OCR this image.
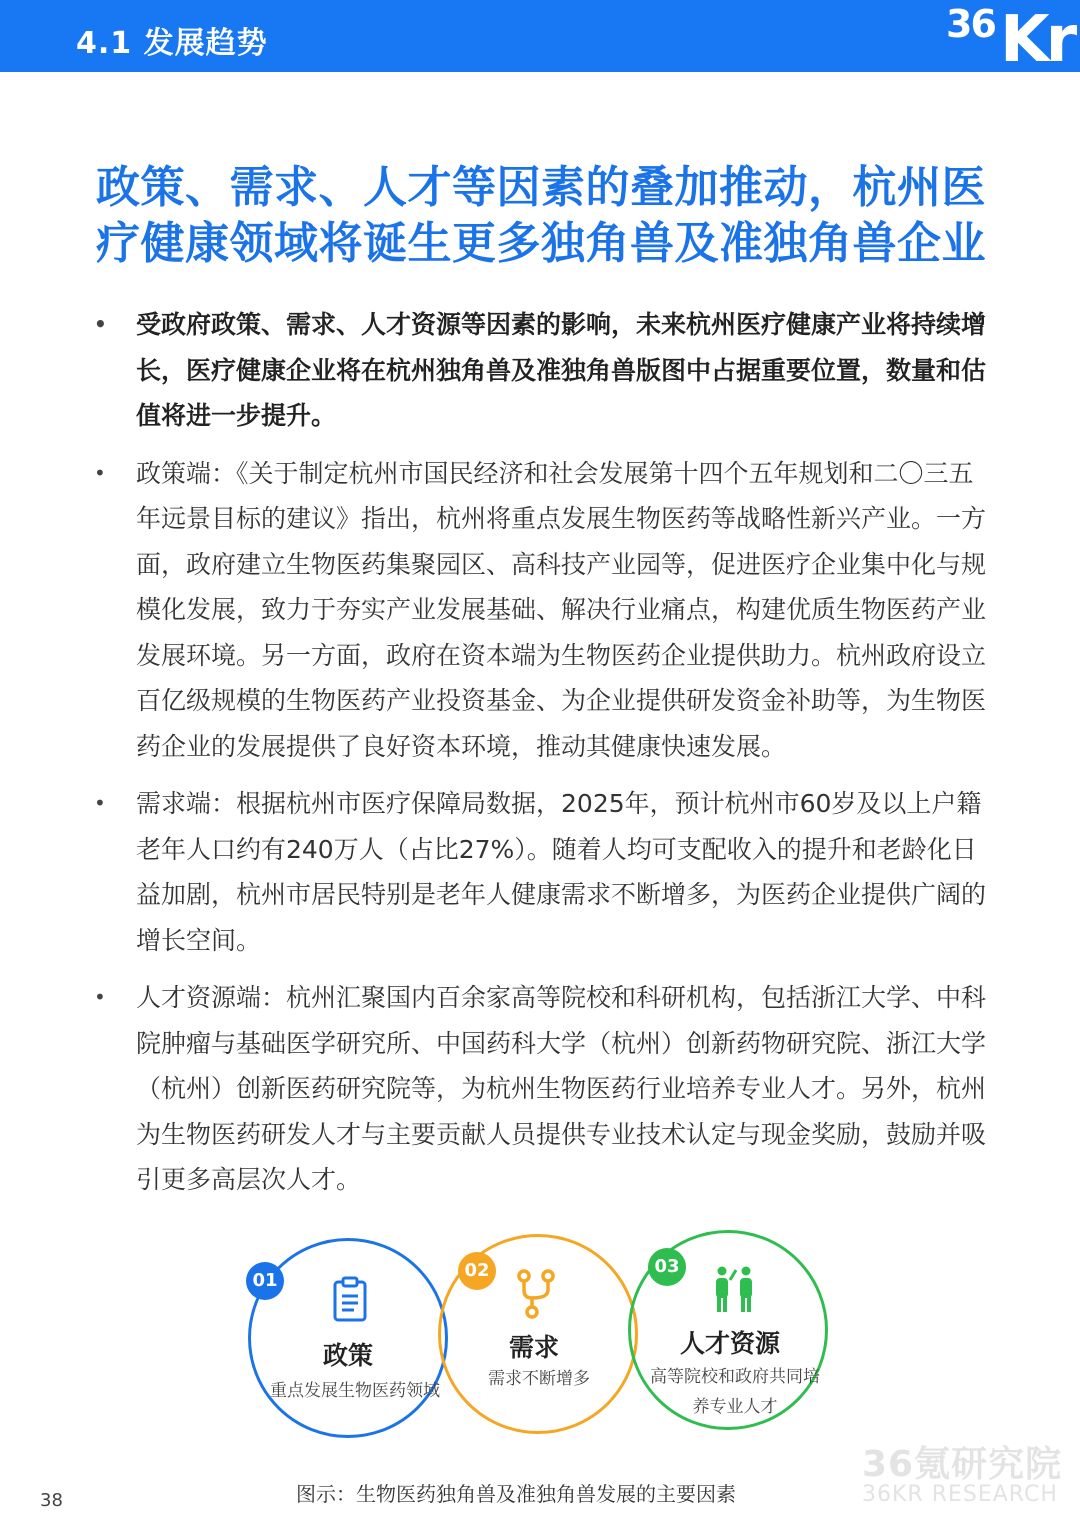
4.1 发展趋势	36 Kr
政策、需求、人才等因素的叠加推动，杭州医
疗健康领域将诞生更多独角兽及准独角兽企业
• 受政府政策、需求、人才资源等因素的影响，未来杭州医疗健康产业将持续增长，医疗健康企业将在杭州独角兽及准独角兽版图中占据重要位置，数量和估值将进一步提升。
• 政策端：《关于制定杭州市国民经济和社会发展第十四个五年规划和二〇三五年远景目标的建议》指出，杭州将重点发展生物医药等战略性新兴产业。一方面，政府建立生物医药集聚园区、高科技产业园等，促进医疗企业集中化与规模化发展，致力于夯实产业发展基础、解决行业痛点，构建优质生物医药产业发展环境。另一方面，政府在资本端为生物医药企业提供助力。杭州政府设立百亿级规模的生物医药产业投资基金、为企业提供研发资金补助等，为生物医药企业的发展提供了良好资本环境，推动其健康快速发展。
• 需求端：根据杭州市医疗保障局数据，2025年，预计杭州市60岁及以上户籍老年人口约有240万人（占比27%）。随着人均可支配收入的提升和老龄化日益加剧，杭州市居民特别是老年人健康需求不断增多，为医药企业提供广阔的增长空间。
• 人才资源端：杭州汇聚国内百余家高等院校和科研机构，包括浙江大学、中科院肿瘤与基础医学研究所、中国药科大学（杭州）创新药物研究院、浙江大学（杭州）创新医药研究院等，为杭州生物医药行业培养专业人才。另外，杭州为生物医药研发人才与主要贡献人员提供专业技术认定与现金奖励，鼓励并吸引更多高层次人才。
01	02	03
政策	需求	人才资源
重点发展生物医药领域
需求不断增多	高等院校和政府共同培养专业人才
图示：生物医药独角兽及准独角兽发展的主要因素
38
36氪研究院
36KR RESEARCH
